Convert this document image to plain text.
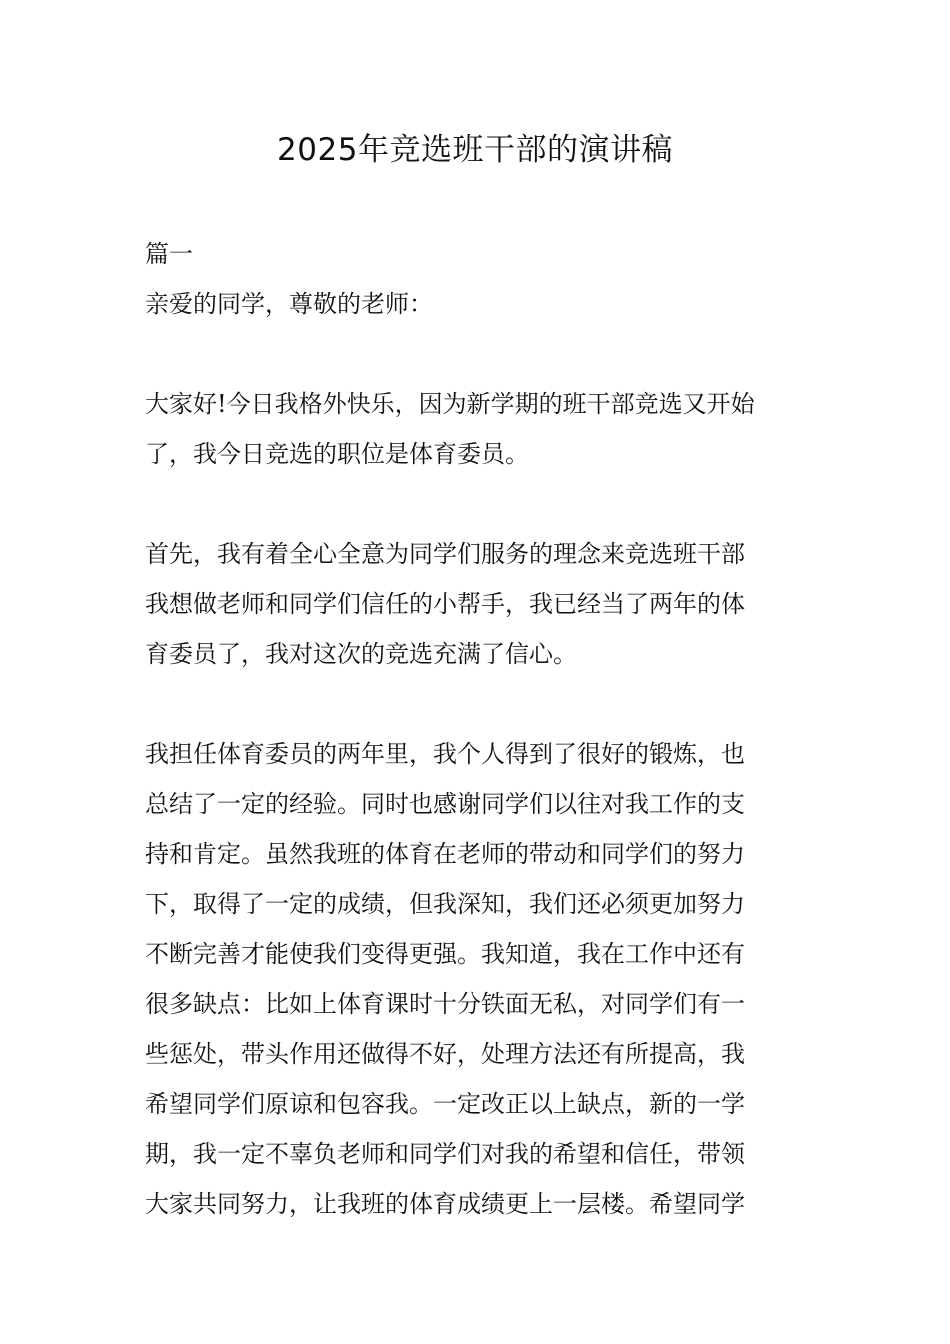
2025年竞选班干部的演讲稿
篇一
亲爱的同学，尊敬的老师：
大家好!今日我格外快乐，因为新学期的班干部竞选又开始
了，我今日竞选的职位是体育委员。
首先，我有着全心全意为同学们服务的理念来竞选班干部
我想做老师和同学们信任的小帮手，我已经当了两年的体
育委员了，我对这次的竞选充满了信心。
我担任体育委员的两年里，我个人得到了很好的锻炼，也
总结了一定的经验。同时也感谢同学们以往对我工作的支
持和肯定。虽然我班的体育在老师的带动和同学们的努力
下，取得了一定的成绩，但我深知，我们还必须更加努力
不断完善才能使我们变得更强。我知道，我在工作中还有
很多缺点：比如上体育课时十分铁面无私，对同学们有一
些惩处，带头作用还做得不好，处理方法还有所提高，我
希望同学们原谅和包容我。一定改正以上缺点，新的一学
期，我一定不辜负老师和同学们对我的希望和信任，带领
大家共同努力，让我班的体育成绩更上一层楼。希望同学
